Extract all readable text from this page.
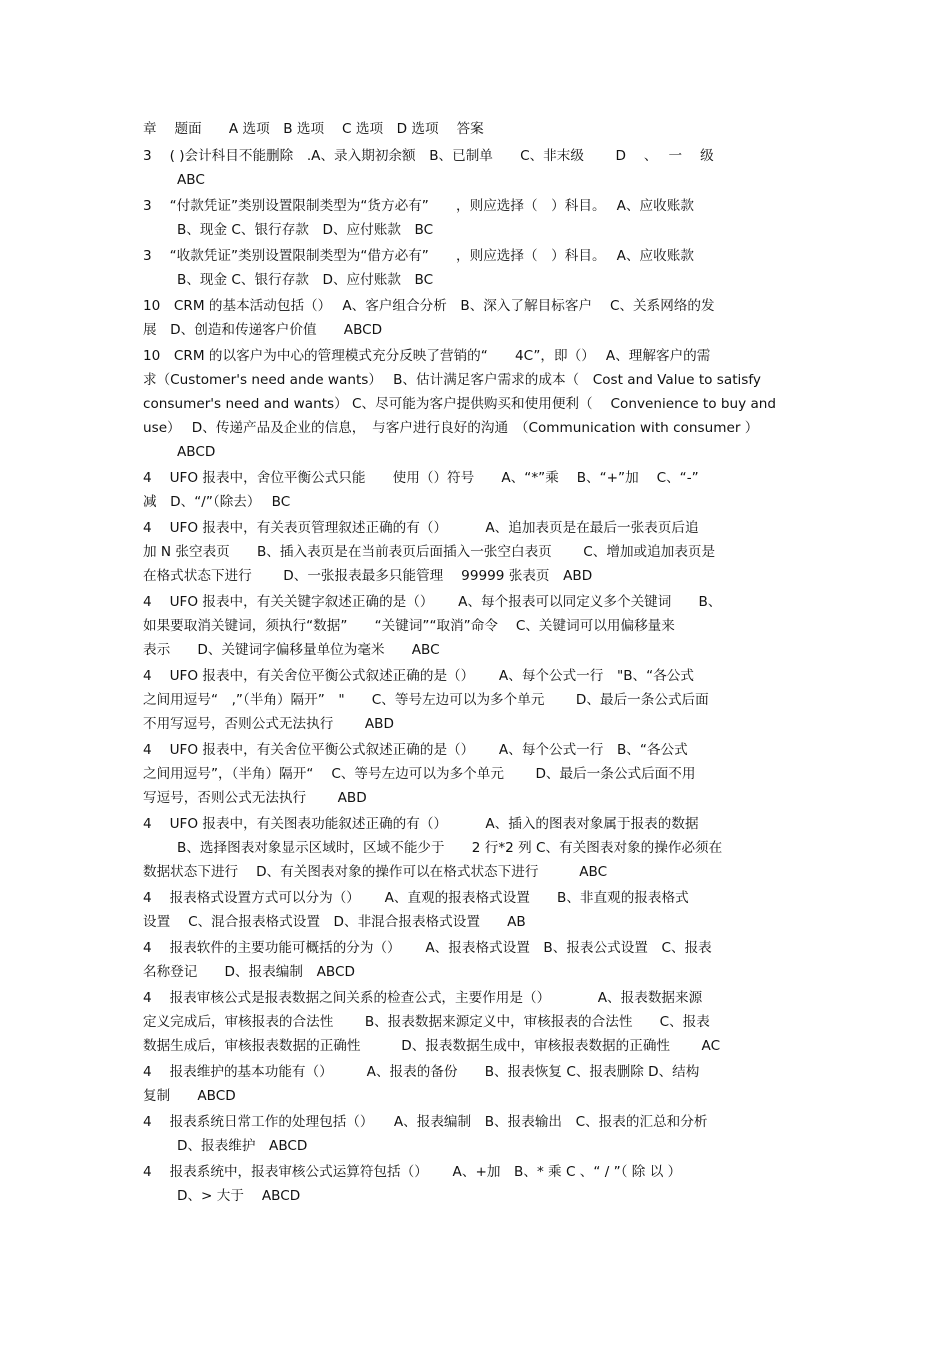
章　 题面　　A 选项　B 选项　 C 选项　D 选项　 答案
3　 ( )会计科目不能删除　.A、录入期初余额　B、已制单　　C、非末级　　 D　 、　 一　 级
ABC
3　 “付款凭证”类别设置限制类型为“货方必有”　　，则应选择（　）科目。　 A、应收账款
B、现金 C、银行存款　D、应付账款　BC
3　 “收款凭证”类别设置限制类型为“借方必有”　　，则应选择（　）科目。　 A、应收账款
B、现金 C、银行存款　D、应付账款　BC
10　CRM 的基本活动包括（）　 A、客户组合分析　B、深入了解目标客户　 C、关系网络的发
展　D、创造和传递客户价值　　ABCD
10　CRM 的以客户为中心的管理模式充分反映了营销的“　　4C”，即（）　 A、理解客户的需
求（Customer's need ande wants）　 B、估计满足客户需求的成本（　Cost and Value to satisfy
consumer's need and wants） C、尽可能为客户提供购买和使用便利（　 Convenience to buy and
use）　 D、传递产品及企业的信息，　与客户进行良好的沟通　（Communication with consumer ）
ABCD
4　 UFO 报表中，舍位平衡公式只能　　使用（）符号　　A、“*”乘　 B、“+”加　 C、“-”
减　D、“/”（除去）　 BC
4　 UFO 报表中，有关表页管理叙述正确的有（）　　　 A、追加表页是在最后一张表页后追
加 N 张空表页　　B、插入表页是在当前表页后面插入一张空白表页　　 C、增加或追加表页是
在格式状态下进行　　 D、一张报表最多只能管理　 99999 张表页　ABD
4　 UFO 报表中，有关关键字叙述正确的是（）　　 A、每个报表可以同定义多个关键词　　B、
如果要取消关键词，须执行“数据”　　“关键词”“取消”命令　 C、关键词可以用偏移量来
表示　　D、关键词字偏移量单位为毫米　　ABC
4　 UFO 报表中，有关舍位平衡公式叙述正确的是（）　　 A、每个公式一行　"B、“各公式
之间用逗号“　,”（半角）隔开”　"　　C、等号左边可以为多个单元　　 D、最后一条公式后面
不用写逗号，否则公式无法执行　　 ABD
4　 UFO 报表中，有关舍位平衡公式叙述正确的是（）　　 A、每个公式一行　B、“各公式
之间用逗号”，（半角）隔开“　 C、等号左边可以为多个单元　　 D、最后一条公式后面不用
写逗号，否则公式无法执行　　 ABD
4　 UFO 报表中，有关图表功能叙述正确的有（）　　　 A、插入的图表对象属于报表的数据
B、选择图表对象显示区域时，区域不能少于　　2 行*2 列 C、有关图表对象的操作必须在
数据状态下进行　 D、有关图表对象的操作可以在格式状态下进行　　　ABC
4　 报表格式设置方式可以分为（）　　 A、直观的报表格式设置　　B、非直观的报表格式
设置　 C、混合报表格式设置　D、非混合报表格式设置　　AB
4　 报表软件的主要功能可概括的分为（）　　 A、报表格式设置　B、报表公式设置　C、报表
名称登记　　D、报表编制　ABCD
4　 报表审核公式是报表数据之间关系的检查公式，主要作用是（）　　　　A、报表数据来源
定义完成后，审核报表的合法性　　 B、报表数据来源定义中，审核报表的合法性　　C、报表
数据生成后，审核报表数据的正确性　　　D、报表数据生成中，审核报表数据的正确性　　 AC
4　 报表维护的基本功能有（）　　　A、报表的备份　　B、报表恢复 C、报表删除 D、结构
复制　　ABCD
4　 报表系统日常工作的处理包括（）　　A、报表编制　B、报表输出　C、报表的汇总和分析
D、报表维护　ABCD
4　 报表系统中，报表审核公式运算符包括（）　　 A、+加　B、* 乘 C 、“ / ”（ 除 以 ）
D、> 大于　 ABCD
